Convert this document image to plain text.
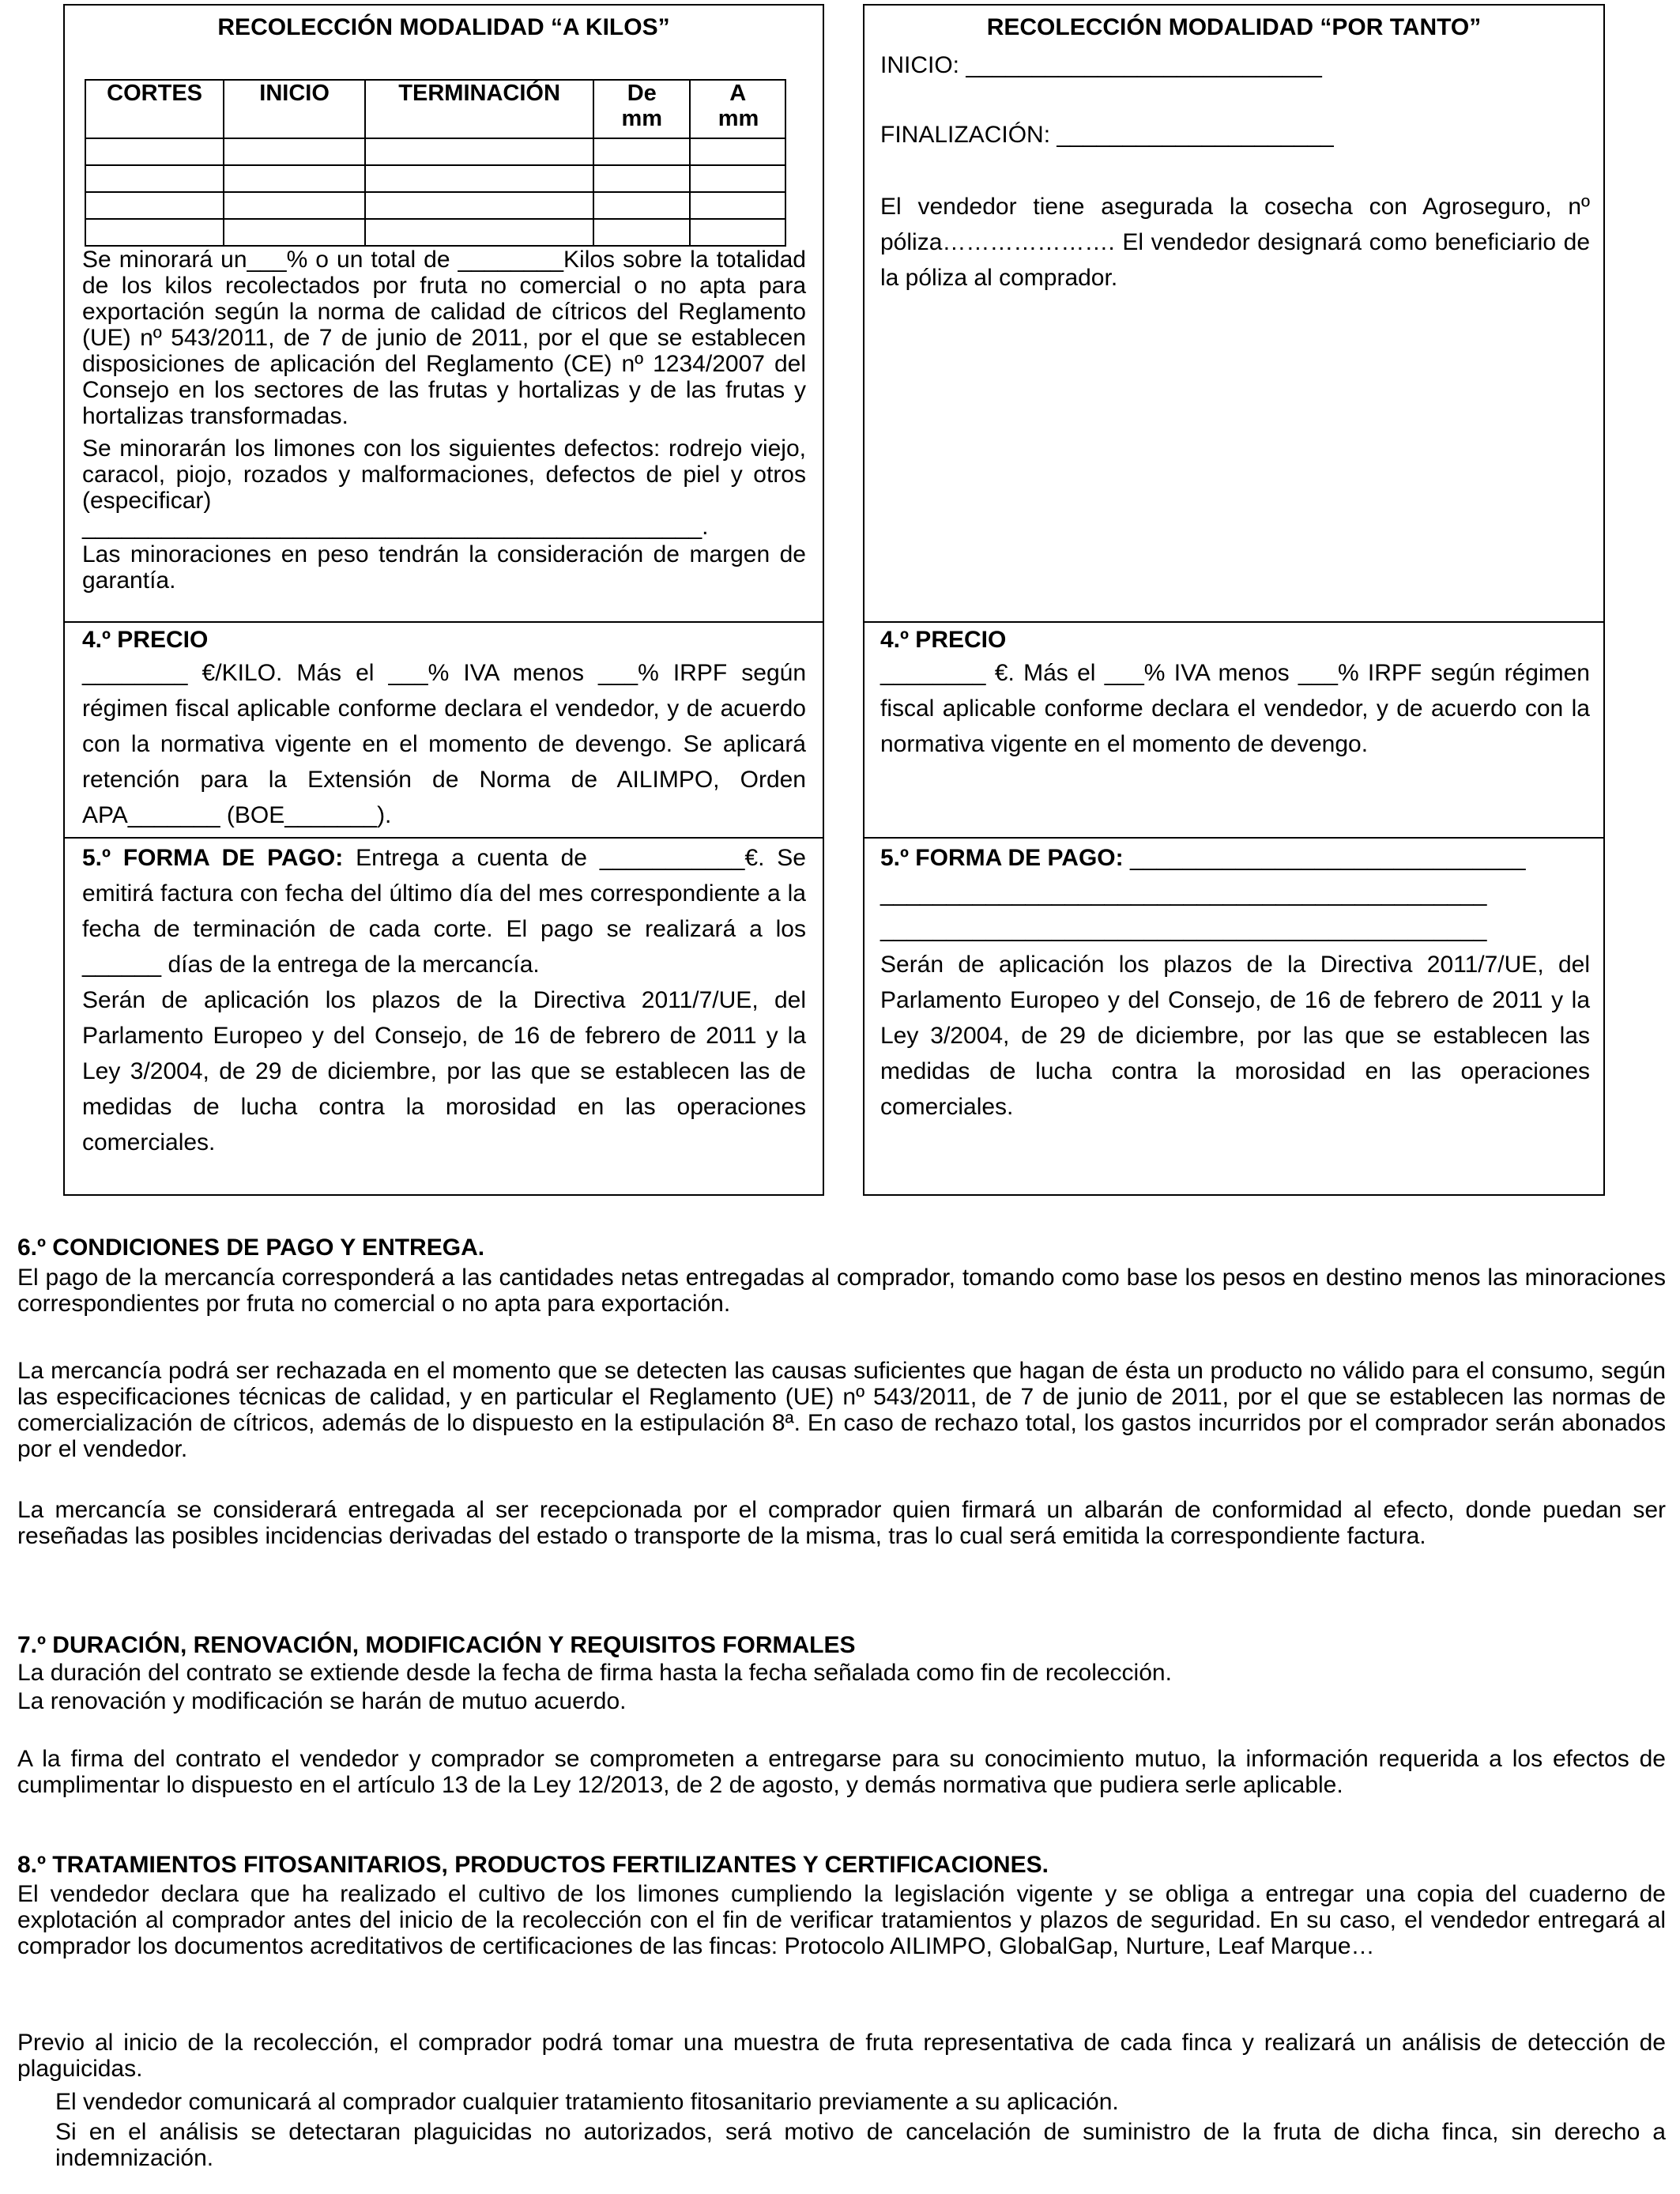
RECOLECCIÓN MODALIDAD “A KILOS”
CORTES	INICIO	TERMINACIÓN	De mm	A mm

Se minorará un___% o un total de ________Kilos sobre la totalidad de los kilos recolectados por fruta no comercial o no apta para exportación según la norma de calidad de cítricos del Reglamento (UE) nº 543/2011, de 7 de junio de 2011, por el que se establecen disposiciones de aplicación del Reglamento (CE) nº 1234/2007 del Consejo en los sectores de las frutas y hortalizas y de las frutas y hortalizas transformadas.

Se minorarán los limones con los siguientes defectos: rodrejo viejo, caracol, piojo, rozados y malformaciones, defectos de piel y otros (especificar)

_______________________________________________.

Las minoraciones en peso tendrán la consideración de margen de garantía.

4.º PRECIO

________ €/KILO. Más el ___% IVA menos ___% IRPF según régimen fiscal aplicable conforme declara el vendedor, y de acuerdo con la normativa vigente en el momento de devengo. Se aplicará retención para la Extensión de Norma de AILIMPO, Orden APA_______ (BOE_______).

5.º FORMA DE PAGO: Entrega a cuenta de ___________€. Se emitirá factura con fecha del último día del mes correspondiente a la fecha de terminación de cada corte. El pago se realizará a los ______ días de la entrega de la mercancía.

Serán de aplicación los plazos de la Directiva 2011/7/UE, del Parlamento Europeo y del Consejo, de 16 de febrero de 2011 y la Ley 3/2004, de 29 de diciembre, por las que se establecen las de medidas de lucha contra la morosidad en las operaciones comerciales.

RECOLECCIÓN MODALIDAD “POR TANTO”

INICIO: ___________________________

FINALIZACIÓN: _____________________

El vendedor tiene asegurada la cosecha con Agroseguro, nº póliza…………………. El vendedor designará como beneficiario de la póliza al comprador.

4.º PRECIO

________ €. Más el ___% IVA menos ___% IRPF según régimen fiscal aplicable conforme declara el vendedor, y de acuerdo con la normativa vigente en el momento de devengo.

5.º FORMA DE PAGO: ______________________________

______________________________________________

______________________________________________

Serán de aplicación los plazos de la Directiva 2011/7/UE, del Parlamento Europeo y del Consejo, de 16 de febrero de 2011 y la Ley 3/2004, de 29 de diciembre, por las que se establecen las medidas de lucha contra la morosidad en las operaciones comerciales.

6.º CONDICIONES DE PAGO Y ENTREGA.

El pago de la mercancía corresponderá a las cantidades netas entregadas al comprador, tomando como base los pesos en destino menos las minoraciones correspondientes por fruta no comercial o no apta para exportación.

La mercancía podrá ser rechazada en el momento que se detecten las causas suficientes que hagan de ésta un producto no válido para el consumo, según las especificaciones técnicas de calidad, y en particular el Reglamento (UE) nº 543/2011, de 7 de junio de 2011, por el que se establecen las normas de comercialización de cítricos, además de lo dispuesto en la estipulación 8ª. En caso de rechazo total, los gastos incurridos por el comprador serán abonados por el vendedor.

La mercancía se considerará entregada al ser recepcionada por el comprador quien firmará un albarán de conformidad al efecto, donde puedan ser reseñadas las posibles incidencias derivadas del estado o transporte de la misma, tras lo cual será emitida la correspondiente factura.

7.º DURACIÓN, RENOVACIÓN, MODIFICACIÓN Y REQUISITOS FORMALES

La duración del contrato se extiende desde la fecha de firma hasta la fecha señalada como fin de recolección.

La renovación y modificación se harán de mutuo acuerdo.

A la firma del contrato el vendedor y comprador se comprometen a entregarse para su conocimiento mutuo, la información requerida a los efectos de cumplimentar lo dispuesto en el artículo 13 de la Ley 12/2013, de 2 de agosto, y demás normativa que pudiera serle aplicable.

8.º TRATAMIENTOS FITOSANITARIOS, PRODUCTOS FERTILIZANTES Y CERTIFICACIONES.

El vendedor declara que ha realizado el cultivo de los limones cumpliendo la legislación vigente y se obliga a entregar una copia del cuaderno de explotación al comprador antes del inicio de la recolección con el fin de verificar tratamientos y plazos de seguridad. En su caso, el vendedor entregará al comprador los documentos acreditativos de certificaciones de las fincas: Protocolo AILIMPO, GlobalGap, Nurture, Leaf Marque…

Previo al inicio de la recolección, el comprador podrá tomar una muestra de fruta representativa de cada finca y realizará un análisis de detección de plaguicidas.

El vendedor comunicará al comprador cualquier tratamiento fitosanitario previamente a su aplicación.

Si en el análisis se detectaran plaguicidas no autorizados, será motivo de cancelación de suministro de la fruta de dicha finca, sin derecho a indemnización.
